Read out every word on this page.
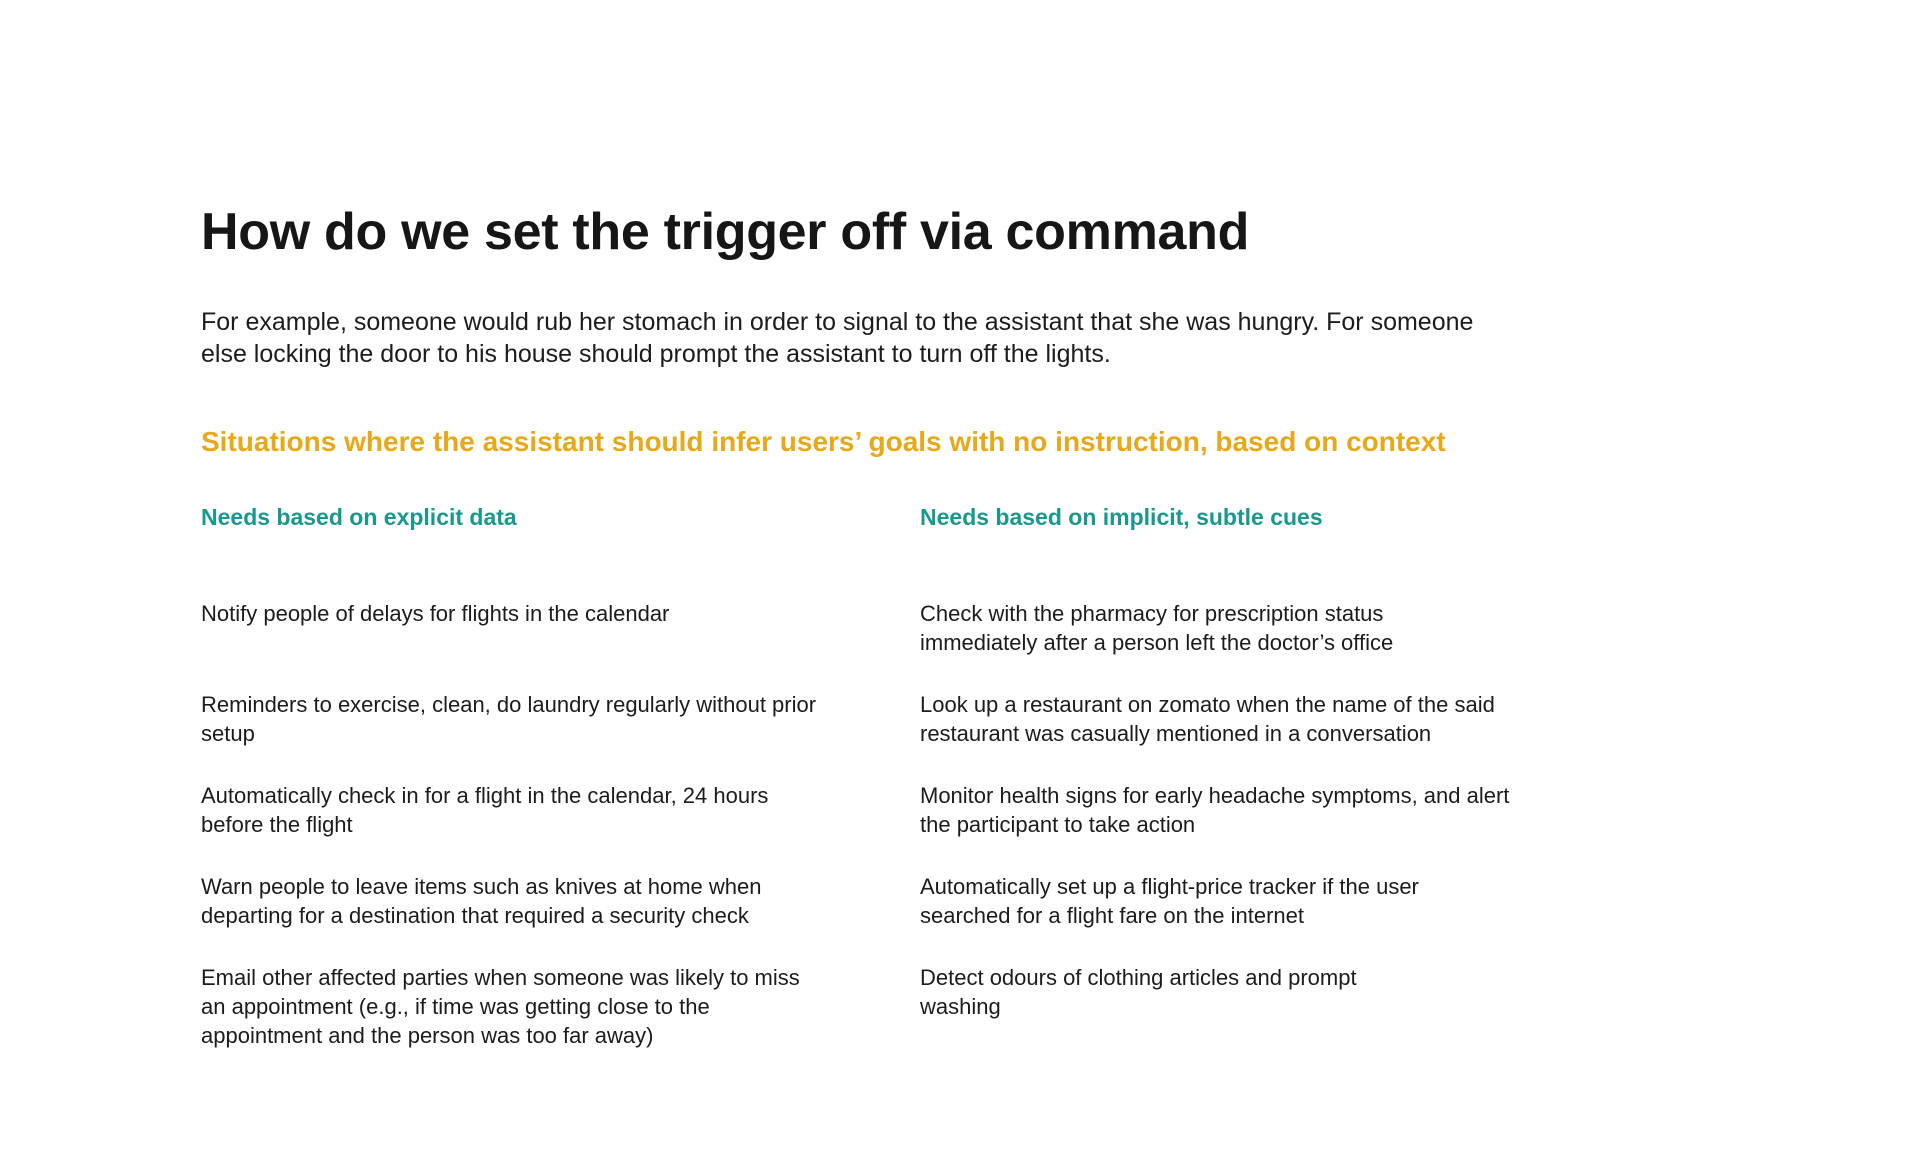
How do we set the trigger off via command

For example, someone would rub her stomach in order to signal to the assistant that she was hungry. For someone else locking the door to his house should prompt the assistant to turn off the lights.

Situations where the assistant should infer users’ goals with no instruction, based on context
Needs based on explicit data
Notify people of delays for flights in the calendar
Reminders to exercise, clean, do laundry regularly without prior setup
Automatically check in for a flight in the calendar, 24 hours before the flight
Warn people to leave items such as knives at home when departing for a destination that required a security check
Email other affected parties when someone was likely to miss an appointment (e.g., if time was getting close to the appointment and the person was too far away)
Needs based on implicit, subtle cues
Check with the pharmacy for prescription status immediately after a person left the doctor’s office
Look up a restaurant on zomato when the name of the said restaurant was casually mentioned in a conversation
Monitor health signs for early headache symptoms, and alert the participant to take action
Automatically set up a flight-price tracker if the user searched for a flight fare on the internet
Detect odours of clothing articles and prompt washing
